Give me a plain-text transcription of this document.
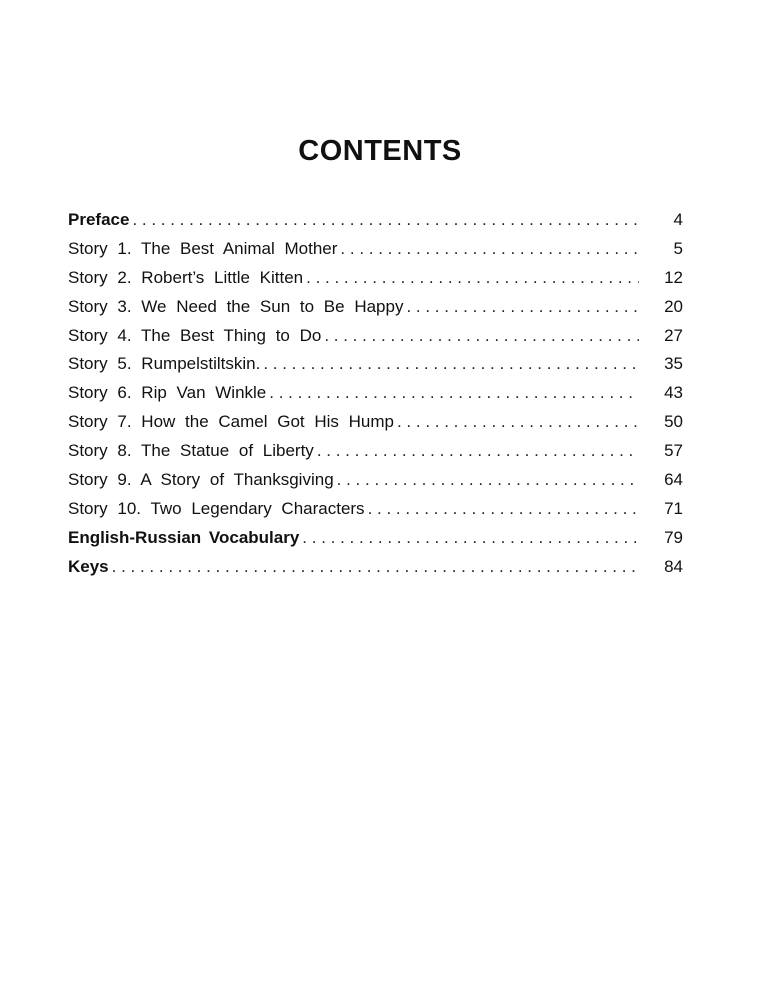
CONTENTS
Preface . . .	4
Story 1. The Best Animal Mother . . .	5
Story 2. Robert’s Little Kitten . . .	12
Story 3. We Need the Sun to Be Happy . . .	20
Story 4. The Best Thing to Do . . .	27
Story 5. Rumpelstiltskin. . . .	35
Story 6. Rip Van Winkle . . .	43
Story 7. How the Camel Got His Hump . . .	50
Story 8. The Statue of Liberty . . .	57
Story 9. A Story of Thanksgiving . . .	64
Story 10. Two Legendary Characters . . .	71
English-Russian Vocabulary . . .	79
Keys . . .	84
